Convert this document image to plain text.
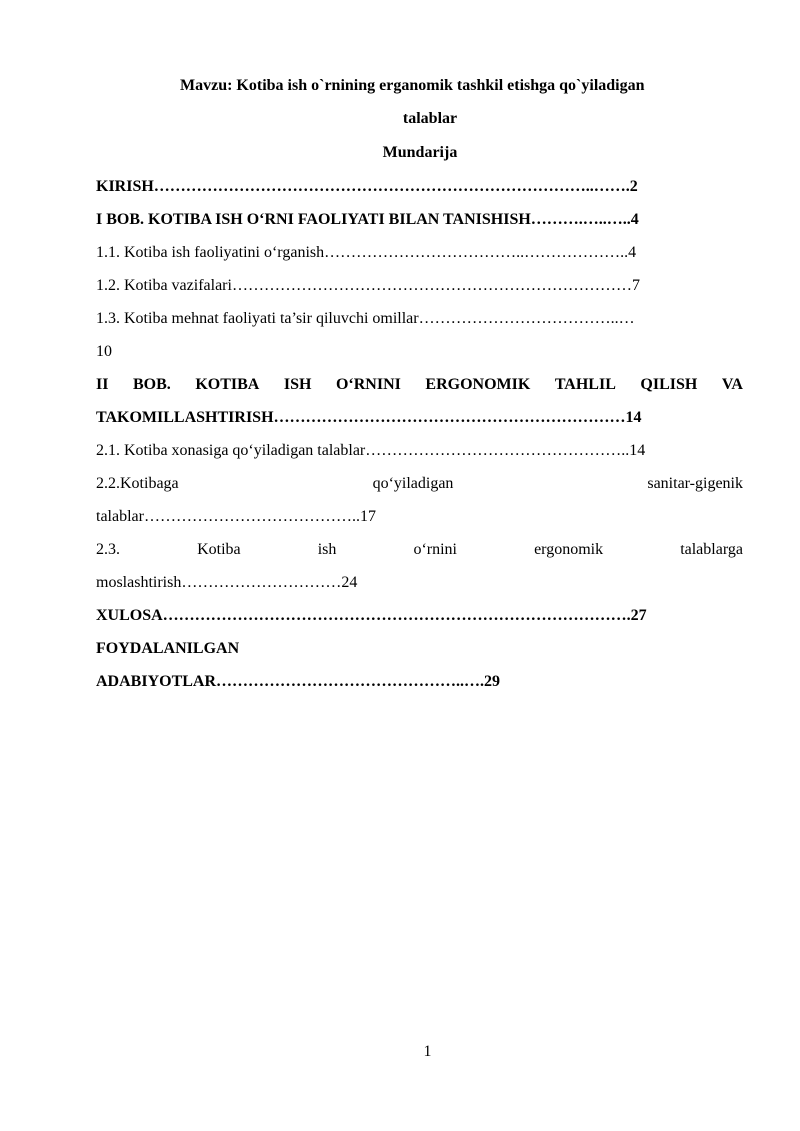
Mavzu: Kotiba ish o`rnining erganomik tashkil etishga qo`yiladigan
talablar
Mundarija
KIRISH………………………………………………………………………..…….2
I BOB. KOTIBA ISH O‘RNI FAOLIYATI BILAN TANISHISH……….…..…..4
1.1. Kotiba ish faoliyatini o‘rganish………………………………..………………..4
1.2. Kotiba vazifalari…………………………………………………………………7
1.3. Kotiba mehnat faoliyati ta’sir qiluvchi omillar………………………………..…
10
II BOB. KOTIBA ISH O‘RNINI ERGONOMIK TAHLIL QILISH VA
TAKOMILLASHTIRISH…………………………………………………………14
2.1. Kotiba xonasiga qo‘yiladigan talablar…………………………………………..14
2.2.Kotibaga	qo‘yiladigan	sanitar-gigenik
talablar…………………………………..17
2.3.	Kotiba	ish	o‘rnini	ergonomik	talablarga
moslashtirish…………………………24
XULOSA…………………………………………………………………………….27
FOYDALANILGAN
ADABIYOTLAR………………………………………..….29
1
